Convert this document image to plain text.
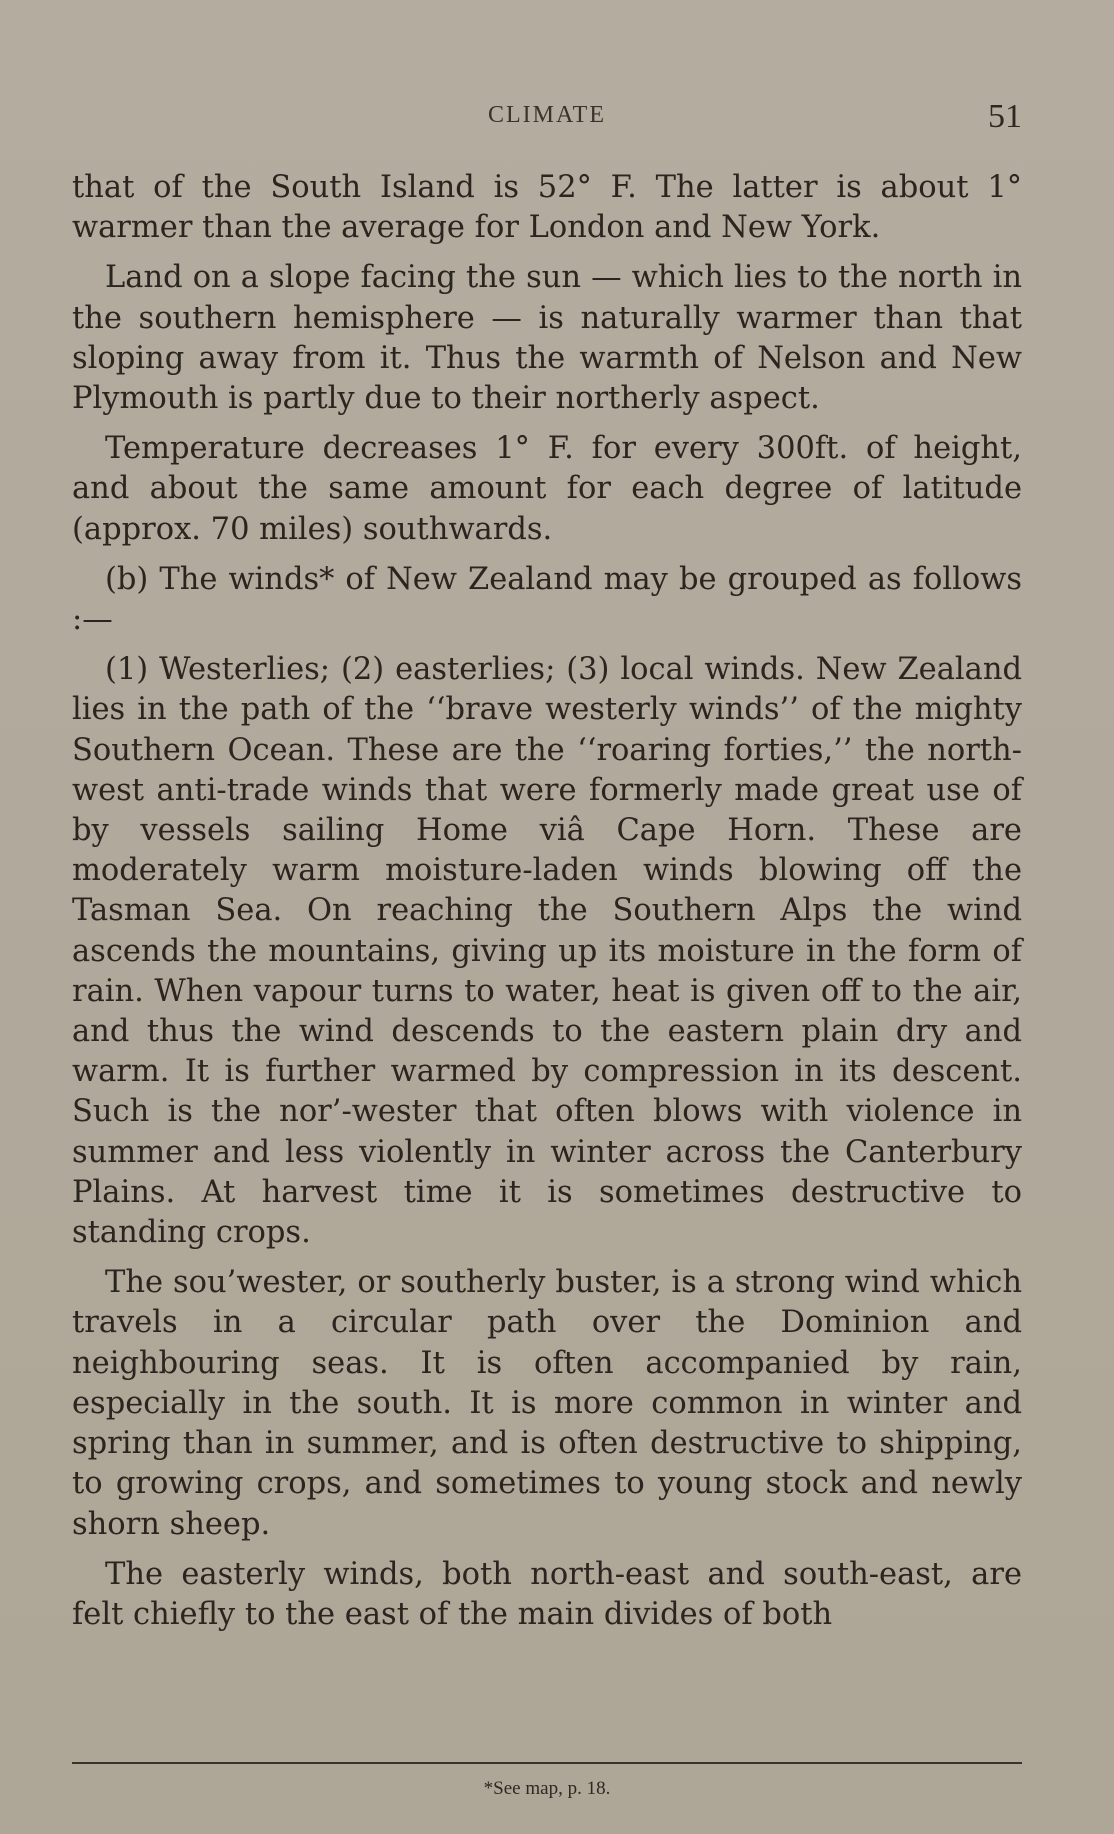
CLIMATE	51

that of the South Island is 52° F. The latter is about 1° warmer than the average for London and New York.

Land on a slope facing the sun — which lies to the north in the southern hemisphere — is naturally warmer than that sloping away from it. Thus the warmth of Nelson and New Plymouth is partly due to their northerly aspect.

Temperature decreases 1° F. for every 300ft. of height, and about the same amount for each degree of latitude (approx. 70 miles) southwards.

(b) The winds* of New Zealand may be grouped as follows :—

(1) Westerlies; (2) easterlies; (3) local winds. New Zealand lies in the path of the ‘‘brave westerly winds’’ of the mighty Southern Ocean. These are the ‘‘roaring forties,’’ the north-west anti-trade winds that were formerly made great use of by vessels sailing Home viâ Cape Horn. These are moderately warm moisture-laden winds blowing off the Tasman Sea. On reaching the Southern Alps the wind ascends the mountains, giving up its moisture in the form of rain. When vapour turns to water, heat is given off to the air, and thus the wind descends to the eastern plain dry and warm. It is further warmed by compression in its descent. Such is the nor’-wester that often blows with violence in summer and less violently in winter across the Canterbury Plains. At harvest time it is sometimes destructive to standing crops.

The sou’wester, or southerly buster, is a strong wind which travels in a circular path over the Dominion and neighbouring seas. It is often accompanied by rain, especially in the south. It is more common in winter and spring than in summer, and is often destructive to shipping, to growing crops, and sometimes to young stock and newly shorn sheep.

The easterly winds, both north-east and south-east, are felt chiefly to the east of the main divides of both

*See map, p. 18.
